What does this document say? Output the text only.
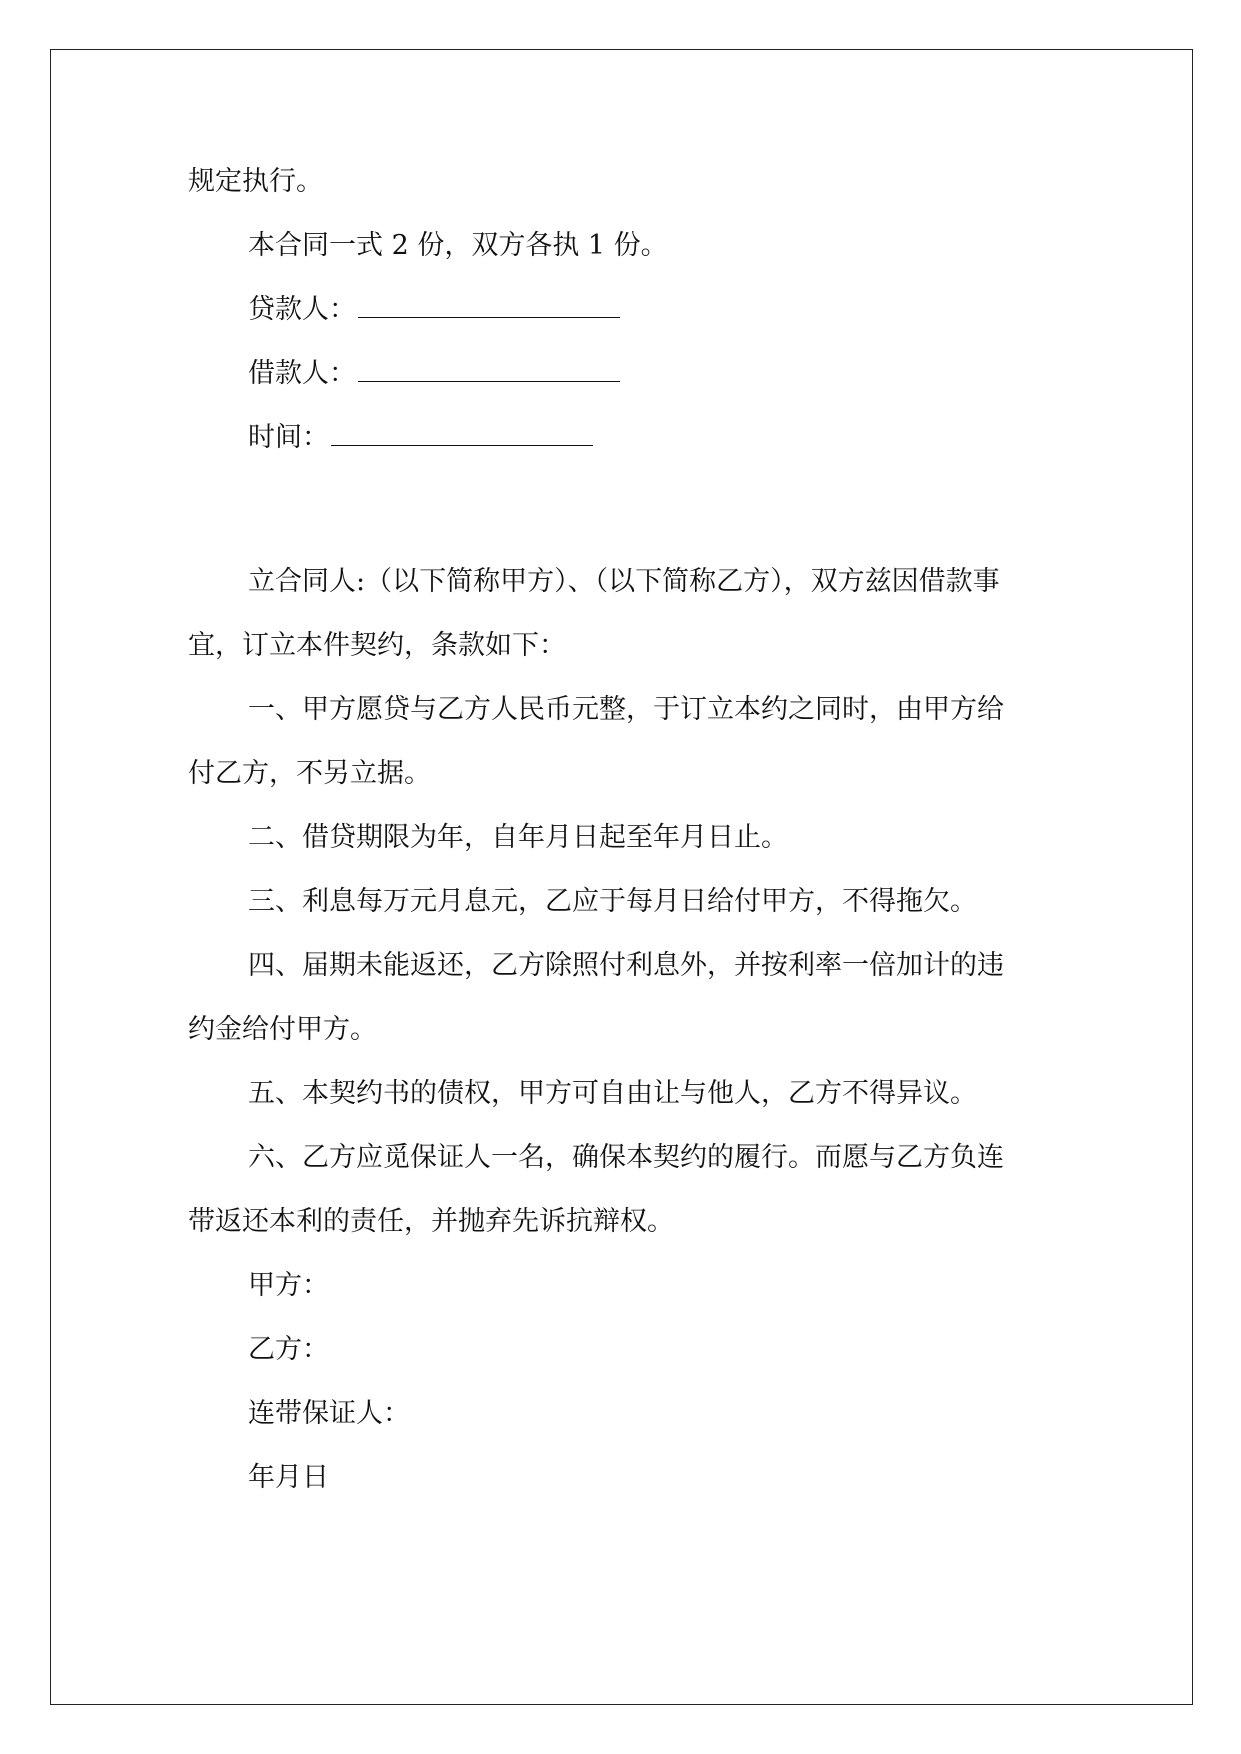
规定执行。
本合同一式 2 份，双方各执 1 份。
贷款人：
借款人：
时间：
立合同人:（以下简称甲方）、（以下简称乙方），双方兹因借款事
宜，订立本件契约，条款如下：
一、甲方愿贷与乙方人民币元整，于订立本约之同时，由甲方给
付乙方，不另立据。
二、借贷期限为年，自年月日起至年月日止。
三、利息每万元月息元，乙应于每月日给付甲方，不得拖欠。
四、届期未能返还，乙方除照付利息外，并按利率一倍加计的违
约金给付甲方。
五、本契约书的债权，甲方可自由让与他人，乙方不得异议。
六、乙方应觅保证人一名，确保本契约的履行。而愿与乙方负连
带返还本利的责任，并抛弃先诉抗辩权。
甲方：
乙方：
连带保证人：
年月日
